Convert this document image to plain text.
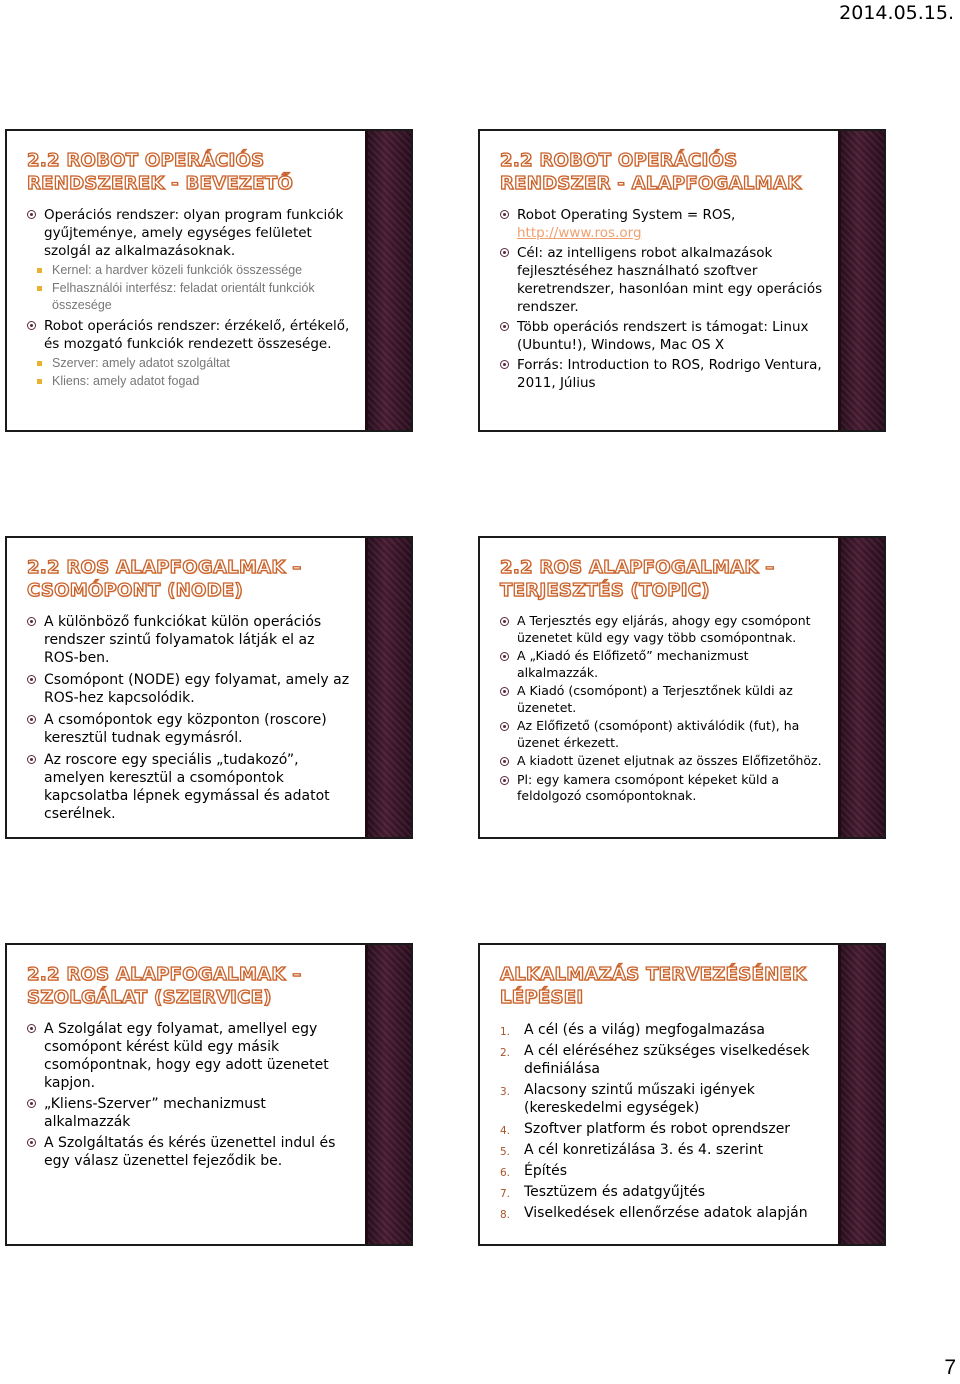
2014.05.15.
2.2 ROBOT OPERÁCIÓS RENDSZEREK - BEVEZETŐ
Operációs rendszer: olyan program funkciók gyűjteménye, amely egységes felületet szolgál az alkalmazásoknak.
Kernel: a hardver közeli funkciók összessége
Felhasználói interfész: feladat orientált funkciók összesége
Robot operációs rendszer: érzékelő, értékelő, és mozgató funkciók rendezett összesége.
Szerver: amely adatot szolgáltat
Kliens: amely adatot fogad
2.2 ROBOT OPERÁCIÓS RENDSZER - ALAPFOGALMAK
Robot Operating System = ROS,
http://www.ros.org
Cél: az intelligens robot alkalmazások fejlesztéséhez használható szoftver keretrendszer, hasonlóan mint egy operációs rendszer.
Több operációs rendszert is támogat: Linux (Ubuntu!), Windows, Mac OS X
Forrás: Introduction to ROS, Rodrigo Ventura, 2011, Július
2.2 ROS ALAPFOGALMAK – CSOMÓPONT (NODE)
A különböző funkciókat külön operációs rendszer szintű folyamatok látják el az ROS-ben.
Csomópont (NODE) egy folyamat, amely az ROS-hez kapcsolódik.
A csomópontok egy központon (roscore) keresztül tudnak egymásról.
Az roscore egy speciális „tudakozó”, amelyen keresztül a csomópontok kapcsolatba lépnek egymással és adatot cserélnek.
2.2 ROS ALAPFOGALMAK – TERJESZTÉS (TOPIC)
A Terjesztés egy eljárás, ahogy egy csomópont üzenetet küld egy vagy több csomópontnak.
A „Kiadó és Előfizető” mechanizmust alkalmazzák.
A Kiadó (csomópont) a Terjesztőnek küldi az üzenetet.
Az Előfizető (csomópont) aktiválódik (fut), ha üzenet érkezett.
A kiadott üzenet eljutnak az összes Előfizetőhöz.
Pl: egy kamera csomópont képeket küld a feldolgozó csomópontoknak.
2.2 ROS ALAPFOGALMAK – SZOLGÁLAT (SZERVICE)
A Szolgálat egy folyamat, amellyel egy csomópont kérést küld egy másik csomópontnak, hogy egy adott üzenetet kapjon.
„Kliens-Szerver” mechanizmust alkalmazzák
A Szolgáltatás és kérés üzenettel indul és egy válasz üzenettel fejeződik be.
ALKALMAZÁS TERVEZÉSÉNEK LÉPÉSEI
1. A cél (és a világ) megfogalmazása
2. A cél eléréséhez szükséges viselkedések definiálása
3. Alacsony szintű műszaki igények (kereskedelmi egységek)
4. Szoftver platform és robot oprendszer
5. A cél konretizálása 3. és 4. szerint
6. Építés
7. Tesztüzem és adatgyűjtés
8. Viselkedések ellenőrzése adatok alapján
7
